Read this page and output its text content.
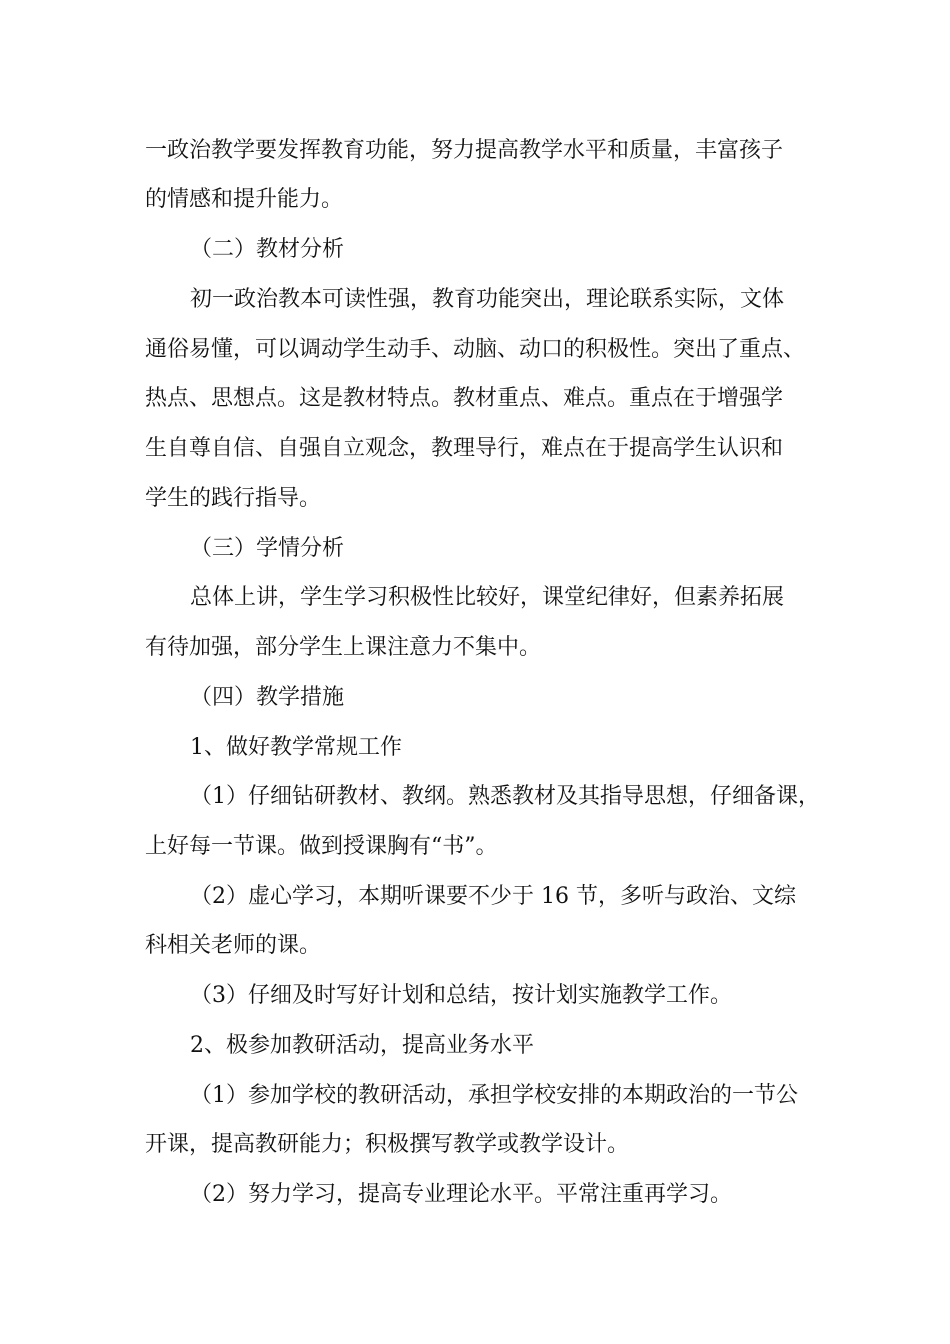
一政治教学要发挥教育功能，努力提高教学水平和质量，丰富孩子
的情感和提升能力。
（二）教材分析
初一政治教本可读性强，教育功能突出，理论联系实际，文体
通俗易懂，可以调动学生动手、动脑、动口的积极性。突出了重点、
热点、思想点。这是教材特点。教材重点、难点。重点在于增强学
生自尊自信、自强自立观念，教理导行，难点在于提高学生认识和
学生的践行指导。
（三）学情分析
总体上讲，学生学习积极性比较好，课堂纪律好，但素养拓展
有待加强，部分学生上课注意力不集中。
（四）教学措施
1、做好教学常规工作
（1）仔细钻研教材、教纲。熟悉教材及其指导思想，仔细备课，
上好每一节课。做到授课胸有“书”。
（2）虚心学习，本期听课要不少于 16 节，多听与政治、文综
科相关老师的课。
（3）仔细及时写好计划和总结，按计划实施教学工作。
2、极参加教研活动，提高业务水平
（1）参加学校的教研活动，承担学校安排的本期政治的一节公
开课，提高教研能力；积极撰写教学或教学设计。
（2）努力学习，提高专业理论水平。平常注重再学习。
